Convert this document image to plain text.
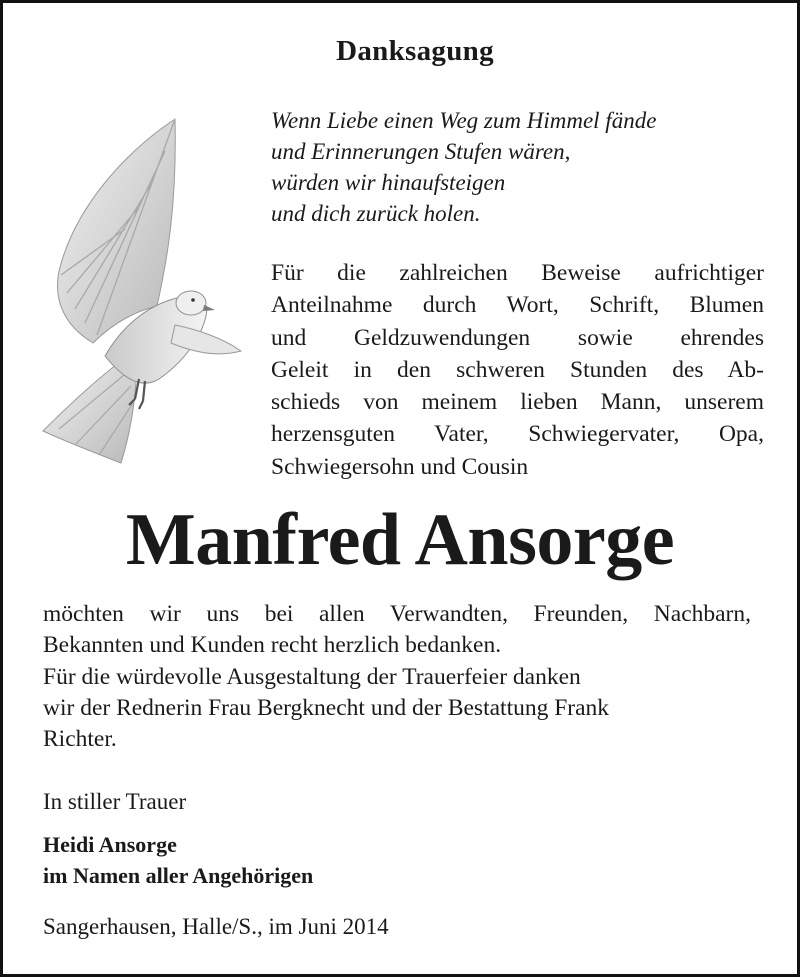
Danksagung
Wenn Liebe einen Weg zum Himmel fände
und Erinnerungen Stufen wären,
würden wir hinaufsteigen
und dich zurück holen.
Für die zahlreichen Beweise aufrichtiger
Anteilnahme durch Wort, Schrift, Blumen
und Geldzuwendungen sowie ehrendes
Geleit in den schweren Stunden des Ab-
schieds von meinem lieben Mann, unserem
herzensguten Vater, Schwiegervater, Opa,
Schwiegersohn und Cousin
Manfred Ansorge
möchten wir uns bei allen Verwandten, Freunden, Nachbarn,
Bekannten und Kunden recht herzlich bedanken.
Für die würdevolle Ausgestaltung der Trauerfeier danken
wir der Rednerin Frau Bergknecht und der Bestattung Frank
Richter.
In stiller Trauer
Heidi Ansorge
im Namen aller Angehörigen
Sangerhausen, Halle/S., im Juni 2014
